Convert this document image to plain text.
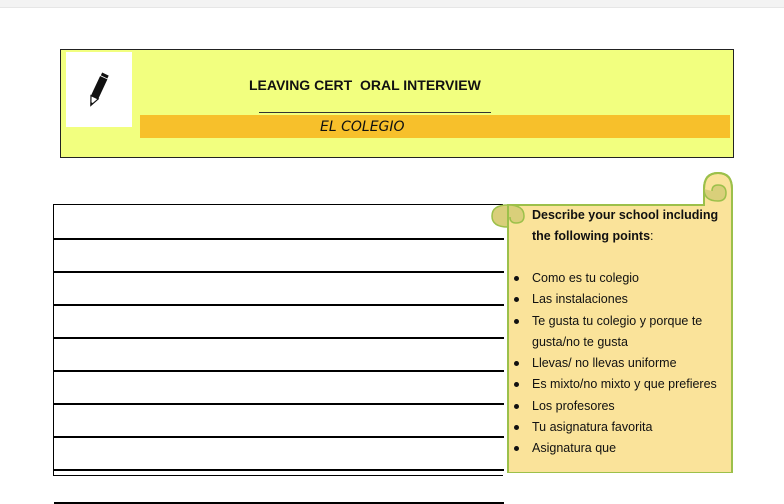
LEAVING CERT  ORAL INTERVIEW
EL COLEGIO

Describe your school including the following points:

Como es tu colegio
Las instalaciones
Te gusta tu colegio y porque te gusta/no te gusta
Llevas/ no llevas uniforme
Es mixto/no mixto y que prefieres
Los profesores
Tu asignatura favorita
Asignatura que
